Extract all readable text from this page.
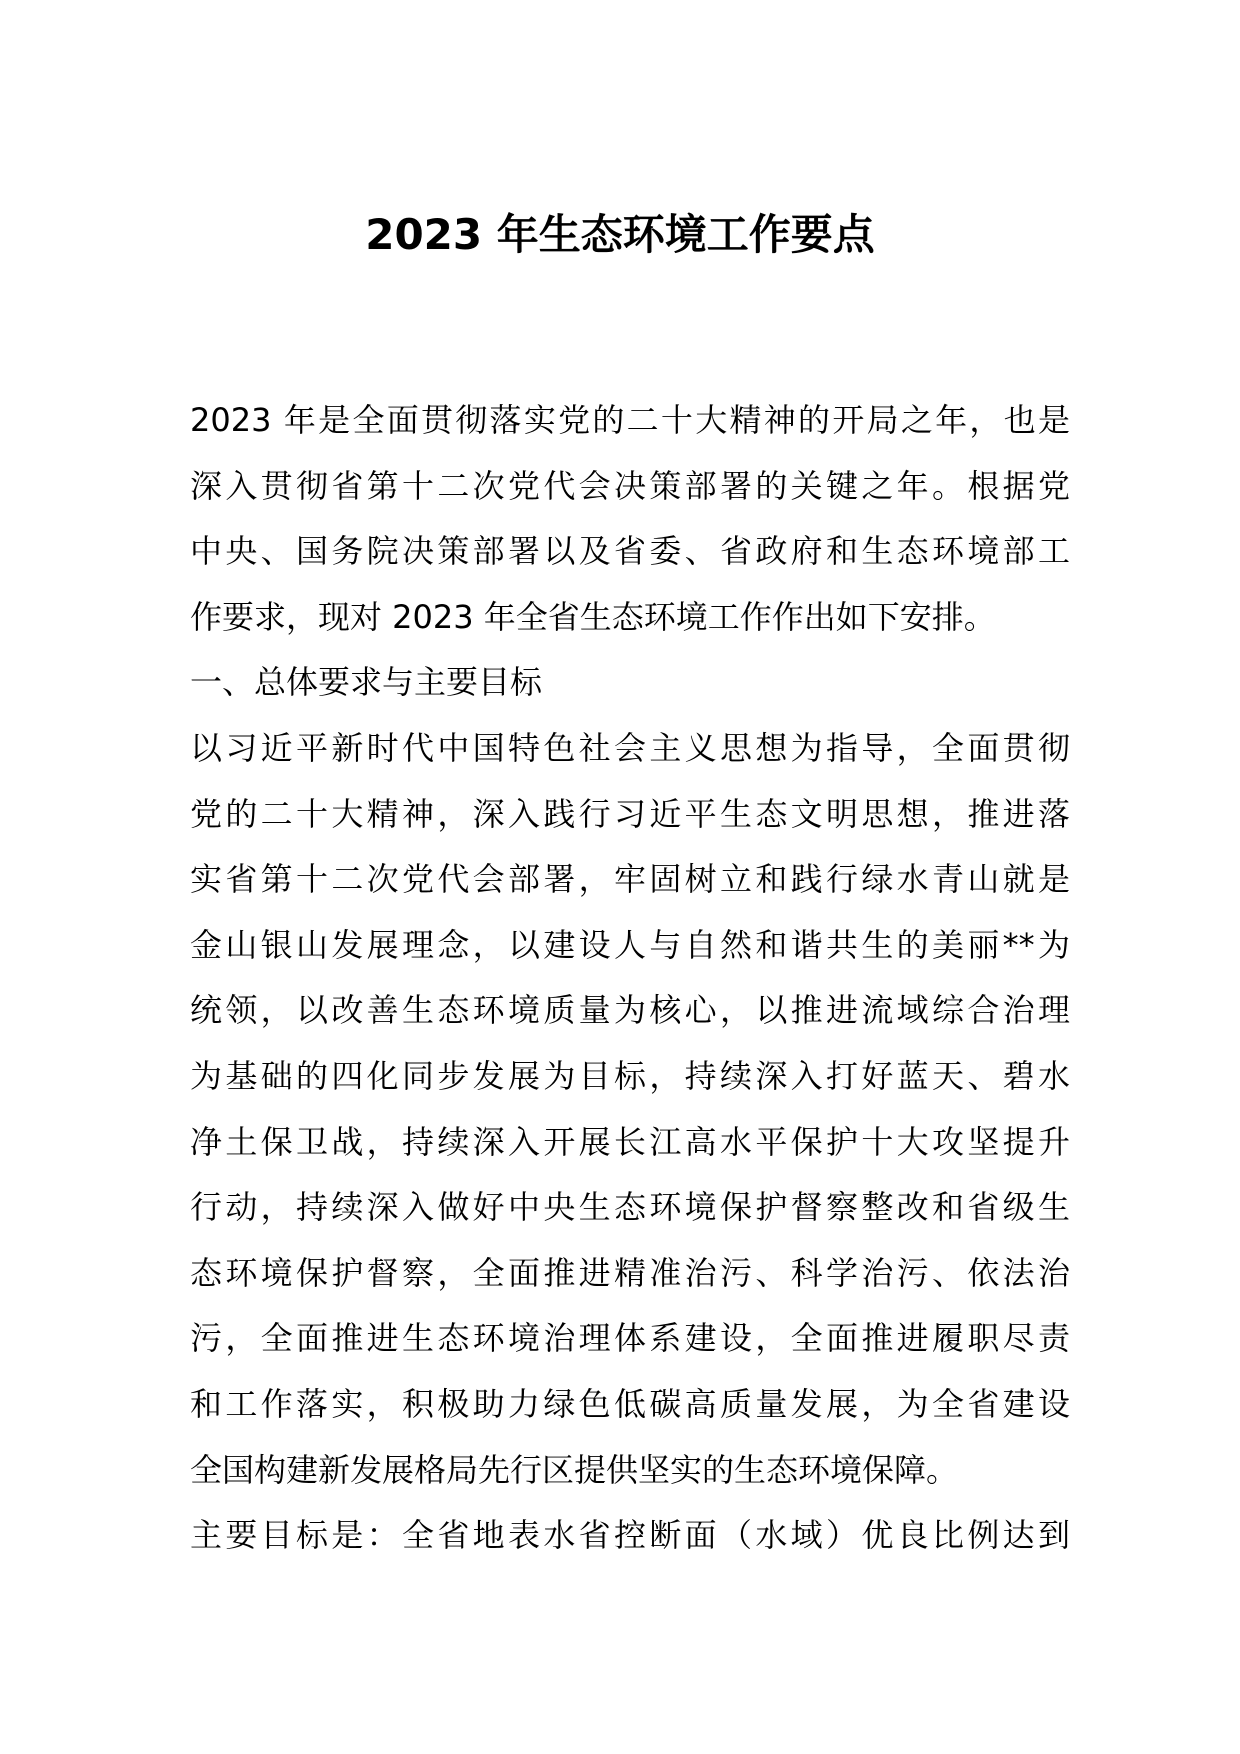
2023 年生态环境工作要点
2023 年是全面贯彻落实党的二十大精神的开局之年，也是
深入贯彻省第十二次党代会决策部署的关键之年。根据党
中央、国务院决策部署以及省委、省政府和生态环境部工
作要求，现对 2023 年全省生态环境工作作出如下安排。
一、总体要求与主要目标
以习近平新时代中国特色社会主义思想为指导，全面贯彻
党的二十大精神，深入践行习近平生态文明思想，推进落
实省第十二次党代会部署，牢固树立和践行绿水青山就是
金山银山发展理念，以建设人与自然和谐共生的美丽**为
统领，以改善生态环境质量为核心，以推进流域综合治理
为基础的四化同步发展为目标，持续深入打好蓝天、碧水
净土保卫战，持续深入开展长江高水平保护十大攻坚提升
行动，持续深入做好中央生态环境保护督察整改和省级生
态环境保护督察，全面推进精准治污、科学治污、依法治
污，全面推进生态环境治理体系建设，全面推进履职尽责
和工作落实，积极助力绿色低碳高质量发展，为全省建设
全国构建新发展格局先行区提供坚实的生态环境保障。
主要目标是：全省地表水省控断面（水域）优良比例达到
